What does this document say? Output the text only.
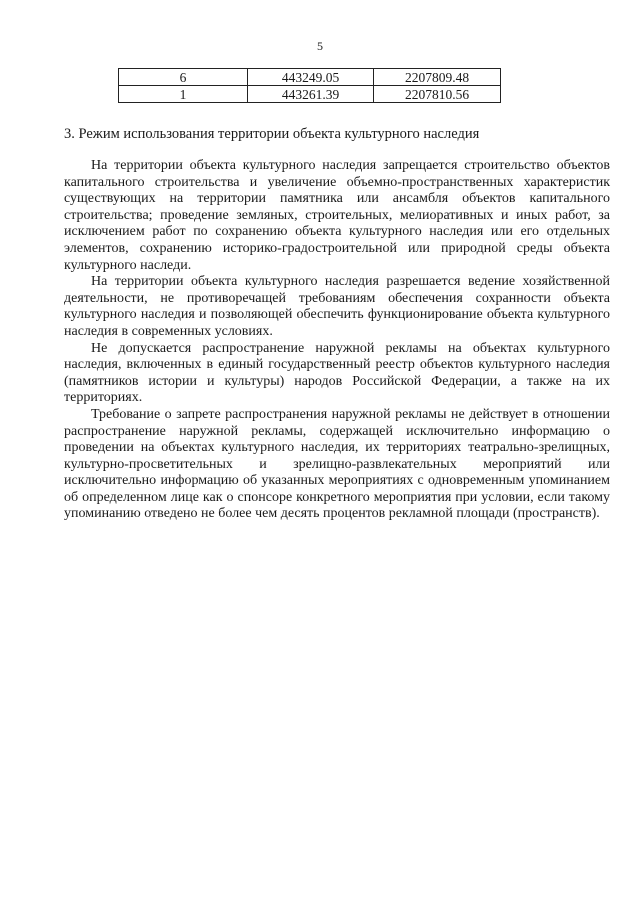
5
6	443249.05	2207809.48
1	443261.39	2207810.56
3. Режим использования территории объекта культурного наследия

На территории объекта культурного наследия запрещается строительство объектов капитального строительства и увеличение объемно-пространственных характеристик существующих на территории памятника или ансамбля объектов капитального строительства; проведение земляных, строительных, мелиоративных и иных работ, за исключением работ по сохранению объекта культурного наследия или его отдельных элементов, сохранению историко-градостроительной или природной среды объекта культурного наследи.

На территории объекта культурного наследия разрешается ведение хозяйственной деятельности, не противоречащей требованиям обеспечения сохранности объекта культурного наследия и позволяющей обеспечить функционирование объекта культурного наследия в современных условиях.

Не допускается распространение наружной рекламы на объектах культурного наследия, включенных в единый государственный реестр объектов культурного наследия (памятников истории и культуры) народов Российской Федерации, а также на их территориях.

Требование о запрете распространения наружной рекламы не действует в отношении распространение наружной рекламы, содержащей исключительно информацию о проведении на объектах культурного наследия, их территориях театрально-зрелищных, культурно-просветительных и зрелищно-развлекательных мероприятий или исключительно информацию об указанных мероприятиях с одновременным упоминанием об определенном лице как о спонсоре конкретного мероприятия при условии, если такому упоминанию отведено не более чем десять процентов рекламной площади (пространств).
